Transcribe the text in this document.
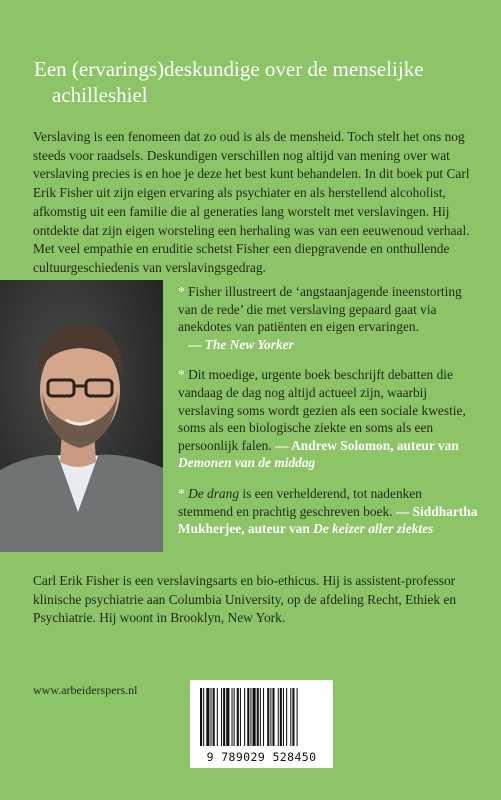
Een (ervarings)deskundige over de menselijke
achilleshiel

Verslaving is een fenomeen dat zo oud is als de mensheid. Toch stelt het ons nog steeds voor raadsels. Deskundigen verschillen nog altijd van mening over wat verslaving precies is en hoe je deze het best kunt behandelen. In dit boek put Carl Erik Fisher uit zijn eigen ervaring als psychiater en als herstellend alcoholist, afkomstig uit een familie die al generaties lang worstelt met verslavingen. Hij ontdekte dat zijn eigen worsteling een herhaling was van een eeuwenoud verhaal. Met veel empathie en eruditie schetst Fisher een diepgravende en onthullende cultuurgeschiedenis van verslavingsgedrag.

* Fisher illustreert de ‘angstaanjagende ineenstorting van de rede’ die met verslaving gepaard gaat via anekdotes van patiënten en eigen ervaringen.
— The New Yorker

* Dit moedige, urgente boek beschrijft debatten die vandaag de dag nog altijd actueel zijn, waarbij verslaving soms wordt gezien als een sociale kwestie, soms als een biologische ziekte en soms als een persoonlijk falen. — Andrew Solomon, auteur van Demonen van de middag

* De drang is een verhelderend, tot nadenken stemmend en prachtig geschreven boek. — Siddhartha Mukherjee, auteur van De keizer aller ziektes

Carl Erik Fisher is een verslavingsarts en bio-ethicus. Hij is assistent-professor klinische psychiatrie aan Columbia University, op de afdeling Recht, Ethiek en Psychiatrie. Hij woont in Brooklyn, New York.

www.arbeiderspers.nl

9 789029 528450
